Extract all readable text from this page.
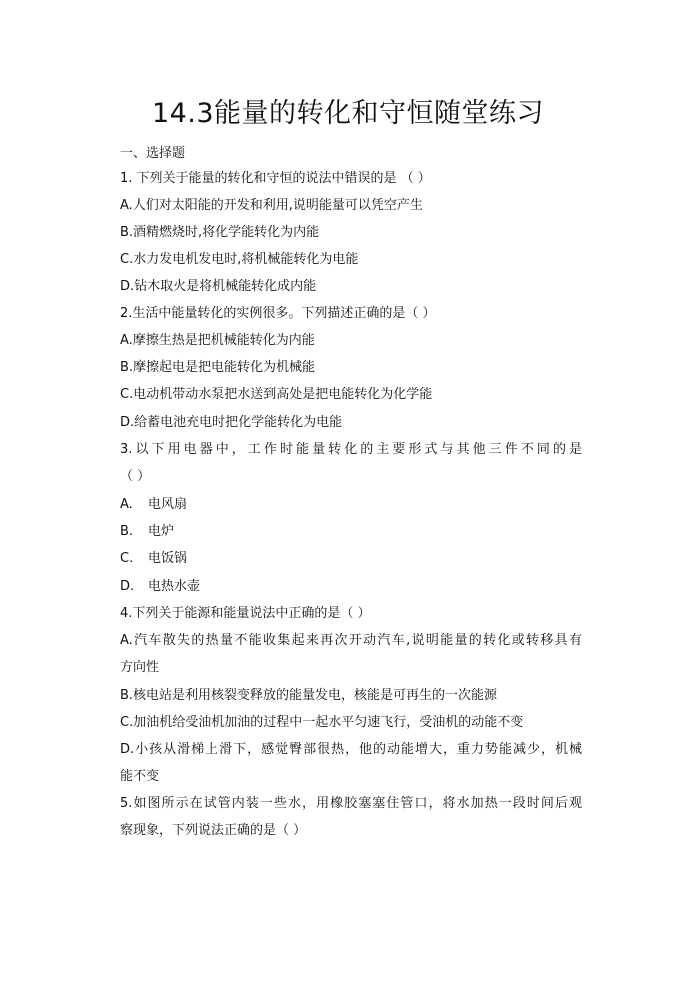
14.3能量的转化和守恒随堂练习
一、选择题
1. 下列关于能量的转化和守恒的说法中错误的是 （ ）
A.人们对太阳能的开发和利用,说明能量可以凭空产生
B.酒精燃烧时,将化学能转化为内能
C.水力发电机发电时,将机械能转化为电能
D.钻木取火是将机械能转化成内能
2.生活中能量转化的实例很多。下列描述正确的是（ ）
A.摩擦生热是把机械能转化为内能
B.摩擦起电是把电能转化为机械能
C.电动机带动水泵把水送到高处是把电能转化为化学能
D.给蓄电池充电时把化学能转化为电能
3.以下用电器中，工作时能量转化的主要形式与其他三件不同的是
（ ）
A. 电风扇
B. 电炉
C. 电饭锅
D. 电热水壶
4.下列关于能源和能量说法中正确的是（ ）
A.汽车散失的热量不能收集起来再次开动汽车,说明能量的转化或转移具有
方向性
B.核电站是利用核裂变释放的能量发电，核能是可再生的一次能源
C.加油机给受油机加油的过程中一起水平匀速飞行，受油机的动能不变
D.小孩从滑梯上滑下，感觉臀部很热，他的动能增大，重力势能减少，机械
能不变
5.如图所示在试管内装一些水，用橡胶塞塞住管口，将水加热一段时间后观
察现象，下列说法正确的是（ ）
